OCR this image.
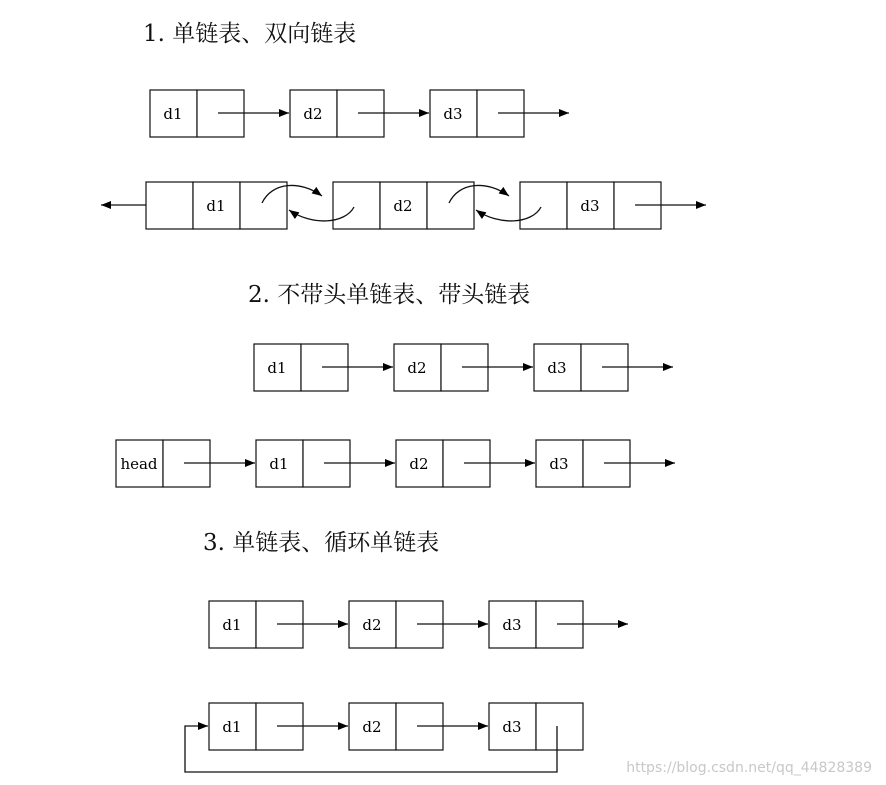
1. 单链表、双向链表
d1	d2	d3
d1	d2	d3
2. 不带头单链表、带头链表
d1	d2	d3
head	d1	d2	d3
3. 单链表、循环单链表
d1	d2	d3
d1	d2	d3
https://blog.csdn.net/qq_44828389
